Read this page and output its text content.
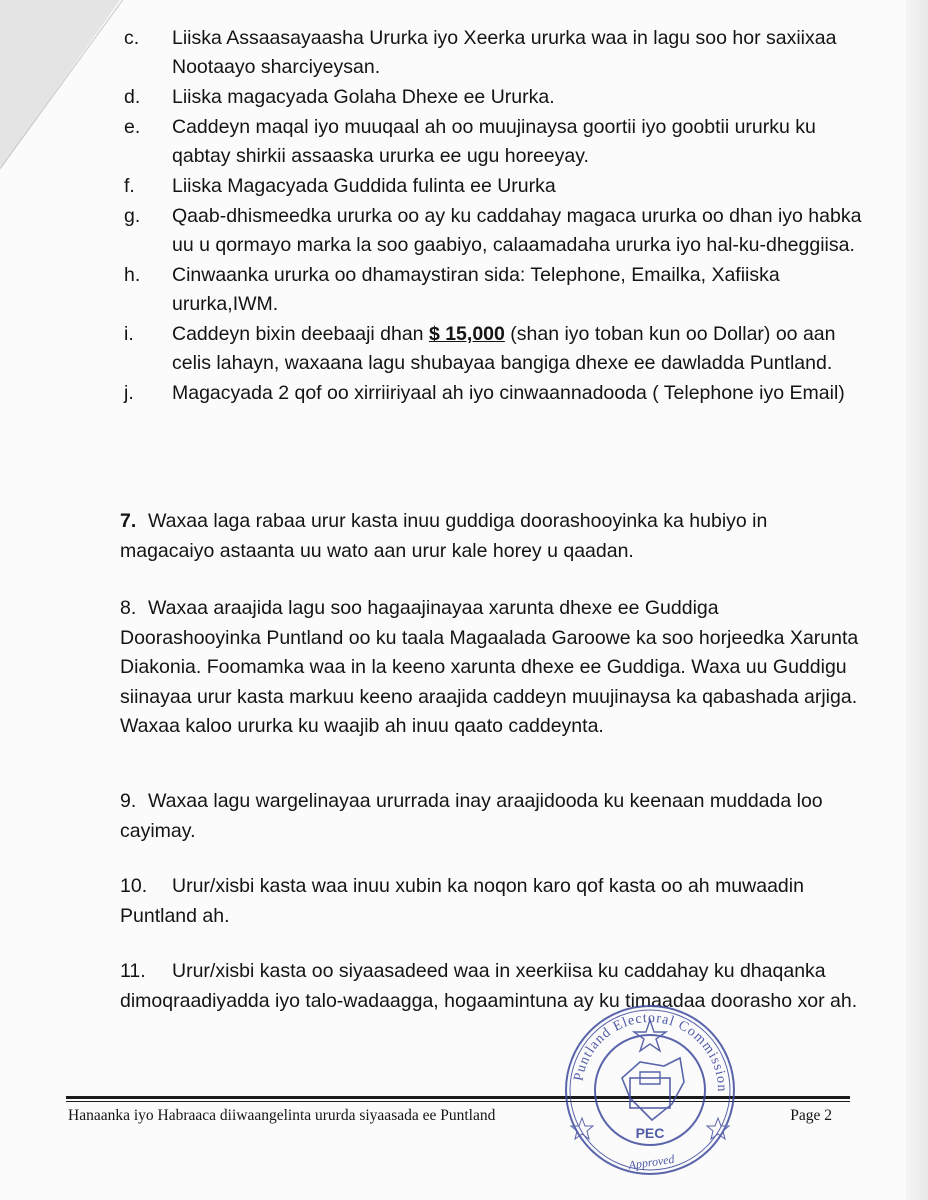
c.	Liiska Assaasayaasha Ururka iyo Xeerka ururka waa in lagu soo hor saxiixaa Nootaayo sharciyeysan.
d.	Liiska magacyada Golaha Dhexe ee Ururka.
e.	Caddeyn maqal iyo muuqaal ah oo muujinaysa goortii iyo goobtii ururku ku qabtay shirkii assaaska ururka ee ugu horeeyay.
f.	Liiska Magacyada Guddida fulinta ee Ururka
g.	Qaab-dhismeedka ururka oo ay ku caddahay magaca ururka oo dhan iyo habka uu u qormayo marka la soo gaabiyo, calaamadaha ururka iyo hal-ku-dheggiisa.
h.	Cinwaanka ururka oo dhamaystiran sida: Telephone, Emailka, Xafiiska ururka,IWM.
i.	Caddeyn bixin deebaaji dhan $ 15,000 (shan iyo toban kun oo Dollar) oo aan celis lahayn, waxaana lagu shubayaa bangiga dhexe ee dawladda Puntland.
j.	Magacyada 2 qof oo xirriiriyaal ah iyo cinwaannadooda ( Telephone iyo Email)
7. Waxaa laga rabaa urur kasta inuu guddiga doorashooyinka ka hubiyo in magacaiyo astaanta uu wato aan urur kale horey u qaadan.
8. Waxaa araajida lagu soo hagaajinayaa xarunta dhexe ee Guddiga Doorashooyinka Puntland oo ku taala Magaalada Garoowe ka soo horjeedka Xarunta Diakonia. Foomamka waa in la keeno xarunta dhexe ee Guddiga. Waxa uu Guddigu siinayaa urur kasta markuu keeno araajida caddeyn muujinaysa ka qabashada arjiga. Waxaa kaloo ururka ku waajib ah inuu qaato caddeynta.
9. Waxaa lagu wargelinayaa ururrada inay araajidooda ku keenaan muddada loo cayimay.
10. Urur/xisbi kasta waa inuu xubin ka noqon karo qof kasta oo ah muwaadin Puntland ah.
11. Urur/xisbi kasta oo siyaasadeed waa in xeerkiisa ku caddahay ku dhaqanka dimoqraadiyadda iyo talo-wadaagga, hogaamintuna ay ku timaadaa doorasho xor ah.
Hanaanka iyo Habraaca diiwaangelinta ururda siyaasada ee Puntland	Page 2
Puntland Electoral Commission
PEC
Approved
